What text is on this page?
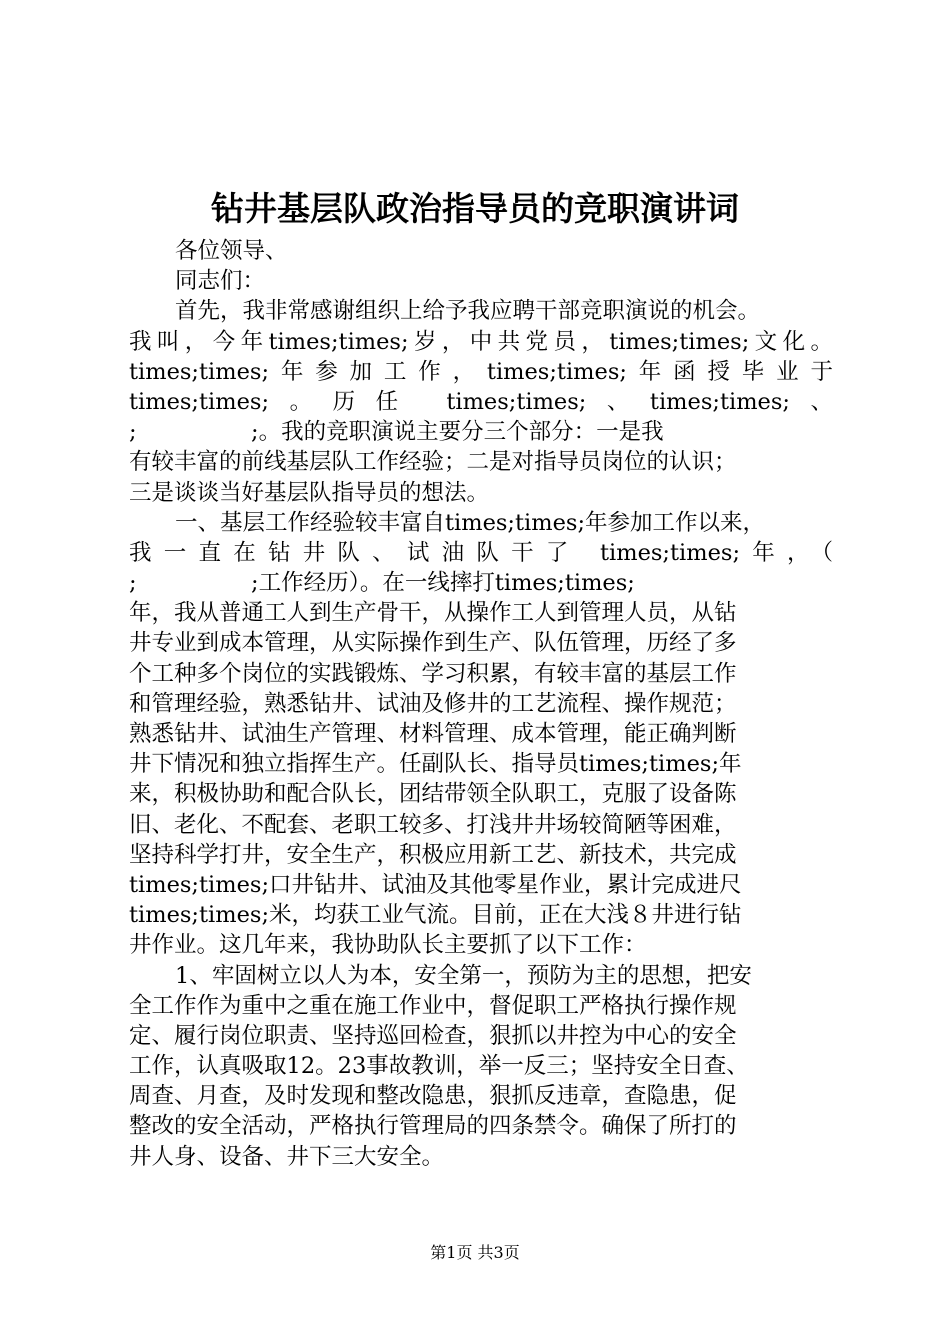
钻井基层队政治指导员的竞职演讲词
各位领导、
同志们：
首先，我非常感谢组织上给予我应聘干部竞职演说的机会。
我叫，今年times;times;岁，中共党员，times;times;文化。
times;times;年参加工作，times;times;年函授毕业于
times;times;。历任 times;times;、times;times;、
;                ;。我的竞职演说主要分三个部分：一是我
有较丰富的前线基层队工作经验；二是对指导员岗位的认识；
三是谈谈当好基层队指导员的想法。
一、基层工作经验较丰富自times;times;年参加工作以来，
我一直在钻井队、试油队干了 times;times;年，（
;                ;工作经历）。在一线摔打times;times;
年，我从普通工人到生产骨干，从操作工人到管理人员，从钻
井专业到成本管理，从实际操作到生产、队伍管理，历经了多
个工种多个岗位的实践锻炼、学习积累，有较丰富的基层工作
和管理经验，熟悉钻井、试油及修井的工艺流程、操作规范；
熟悉钻井、试油生产管理、材料管理、成本管理，能正确判断
井下情况和独立指挥生产。任副队长、指导员times;times;年
来，积极协助和配合队长，团结带领全队职工，克服了设备陈
旧、老化、不配套、老职工较多、打浅井井场较简陋等困难，
坚持科学打井，安全生产，积极应用新工艺、新技术，共完成
times;times;口井钻井、试油及其他零星作业，累计完成进尺
times;times;米，均获工业气流。目前，正在大浅８井进行钻
井作业。这几年来，我协助队长主要抓了以下工作：
1、牢固树立以人为本，安全第一，预防为主的思想，把安
全工作作为重中之重在施工作业中，督促职工严格执行操作规
定、履行岗位职责、坚持巡回检查，狠抓以井控为中心的安全
工作，认真吸取12。23事故教训，举一反三；坚持安全日查、
周查、月查，及时发现和整改隐患，狠抓反违章，查隐患，促
整改的安全活动，严格执行管理局的四条禁令。确保了所打的
井人身、设备、井下三大安全。
第1页 共3页
